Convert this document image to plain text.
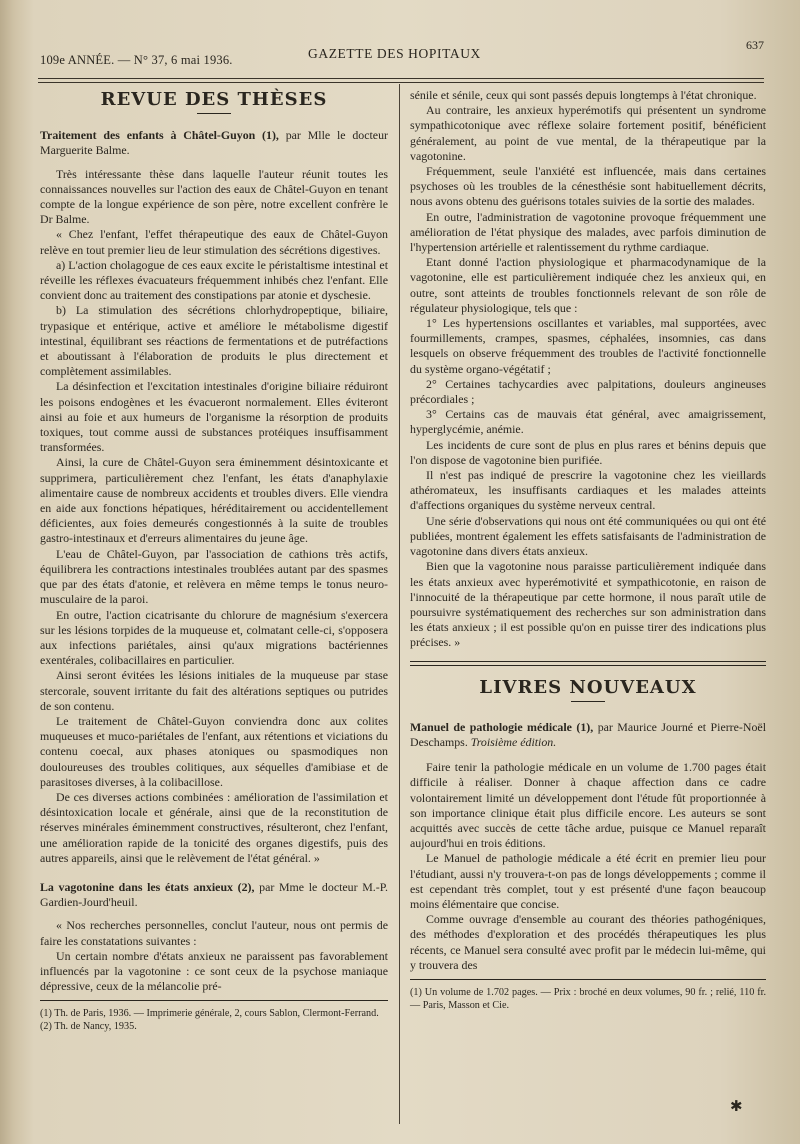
109e ANNÉE. — N° 37, 6 mai 1936.	GAZETTE DES HOPITAUX
637
REVUE DES THÈSES

Traitement des enfants à Châtel-Guyon (1), par Mlle le docteur Marguerite Balme.

Très intéressante thèse dans laquelle l'auteur réunit toutes les connaissances nouvelles sur l'action des eaux de Châtel-Guyon en tenant compte de la longue expérience de son père, notre excellent confrère le Dr Balme.

« Chez l'enfant, l'effet thérapeutique des eaux de Châtel-Guyon relève en tout premier lieu de leur stimulation des sécrétions digestives.

a) L'action cholagogue de ces eaux excite le péristaltisme intestinal et réveille les réflexes évacuateurs fréquemment inhibés chez l'enfant. Elle convient donc au traitement des constipations par atonie et dyschesie.

b) La stimulation des sécrétions chlorhydropeptique, biliaire, trypasique et entérique, active et améliore le métabolisme digestif intestinal, équilibrant ses réactions de fermentations et de putréfactions et aboutissant à l'élaboration de produits le plus directement et complètement assimilables.

La désinfection et l'excitation intestinales d'origine biliaire réduiront les poisons endogènes et les évacueront normalement. Elles éviteront ainsi au foie et aux humeurs de l'organisme la résorption de produits toxiques, tout comme aussi de substances protéiques insuffisamment transformées.

Ainsi, la cure de Châtel-Guyon sera éminemment désintoxicante et supprimera, particulièrement chez l'enfant, les états d'anaphylaxie alimentaire cause de nombreux accidents et troubles divers. Elle viendra en aide aux fonctions hépatiques, héréditairement ou accidentellement déficientes, aux foies demeurés congestionnés à la suite de troubles gastro-intestinaux et d'erreurs alimentaires du jeune âge.

L'eau de Châtel-Guyon, par l'association de cathions très actifs, équilibrera les contractions intestinales troublées autant par des spasmes que par des états d'atonie, et relèvera en même temps le tonus neuro-musculaire de la paroi.

En outre, l'action cicatrisante du chlorure de magnésium s'exercera sur les lésions torpides de la muqueuse et, colmatant celle-ci, s'opposera aux infections pariétales, ainsi qu'aux migrations bactériennes exentérales, colibacillaires en particulier.

Ainsi seront évitées les lésions initiales de la muqueuse par stase stercorale, souvent irritante du fait des altérations septiques ou putrides de son contenu.

Le traitement de Châtel-Guyon conviendra donc aux colites muqueuses et muco-pariétales de l'enfant, aux rétentions et viciations du contenu coecal, aux phases atoniques ou spasmodiques non douloureuses des troubles colitiques, aux séquelles d'amibiase et de parasitoses diverses, à la colibacillose.

De ces diverses actions combinées : amélioration de l'assimilation et désintoxication locale et générale, ainsi que de la reconstitution de réserves minérales éminemment constructives, résulteront, chez l'enfant, une amélioration rapide de la tonicité des organes digestifs, puis des autres appareils, ainsi que le relèvement de l'état général. »

La vagotonine dans les états anxieux (2), par Mme le docteur M.-P. Gardien-Jourd'heuil.

« Nos recherches personnelles, conclut l'auteur, nous ont permis de faire les constatations suivantes :

Un certain nombre d'états anxieux ne paraissent pas favorablement influencés par la vagotonine : ce sont ceux de la psychose maniaque dépressive, ceux de la mélancolie pré-

(1) Th. de Paris, 1936. — Imprimerie générale, 2, cours Sablon, Clermont-Ferrand.

(2) Th. de Nancy, 1935.

sénile et sénile, ceux qui sont passés depuis longtemps à l'état chronique.

Au contraire, les anxieux hyperémotifs qui présentent un syndrome sympathicotonique avec réflexe solaire fortement positif, bénéficient généralement, au point de vue mental, de la thérapeutique par la vagotonine.

Fréquemment, seule l'anxiété est influencée, mais dans certaines psychoses où les troubles de la cénesthésie sont habituellement décrits, nous avons obtenu des guérisons totales suivies de la sortie des malades.

En outre, l'administration de vagotonine provoque fréquemment une amélioration de l'état physique des malades, avec parfois diminution de l'hypertension artérielle et ralentissement du rythme cardiaque.

Etant donné l'action physiologique et pharmacodynamique de la vagotonine, elle est particulièrement indiquée chez les anxieux qui, en outre, sont atteints de troubles fonctionnels relevant de son rôle de régulateur physiologique, tels que :

1° Les hypertensions oscillantes et variables, mal supportées, avec fourmillements, crampes, spasmes, céphalées, insomnies, cas dans lesquels on observe fréquemment des troubles de l'activité fonctionnelle du système organo-végétatif ;

2° Certaines tachycardies avec palpitations, douleurs angineuses précordiales ;

3° Certains cas de mauvais état général, avec amaigrissement, hyperglycémie, anémie.

Les incidents de cure sont de plus en plus rares et bénins depuis que l'on dispose de vagotonine bien purifiée.

Il n'est pas indiqué de prescrire la vagotonine chez les vieillards athéromateux, les insuffisants cardiaques et les malades atteints d'affections organiques du système nerveux central.

Une série d'observations qui nous ont été communiquées ou qui ont été publiées, montrent également les effets satisfaisants de l'administration de vagotonine dans divers états anxieux.

Bien que la vagotonine nous paraisse particulièrement indiquée dans les états anxieux avec hyperémotivité et sympathicotonie, en raison de l'innocuité de la thérapeutique par cette hormone, il nous paraît utile de poursuivre systématiquement des recherches sur son administration dans les états anxieux ; il est possible qu'on en puisse tirer des indications plus précises. »

LIVRES NOUVEAUX

Manuel de pathologie médicale (1), par Maurice Journé et Pierre-Noël Deschamps. Troisième édition.

Faire tenir la pathologie médicale en un volume de 1.700 pages était difficile à réaliser. Donner à chaque affection dans ce cadre volontairement limité un développement dont l'étude fût proportionnée à son importance clinique était plus difficile encore. Les auteurs se sont acquittés avec succès de cette tâche ardue, puisque ce Manuel reparaît aujourd'hui en trois éditions.

Le Manuel de pathologie médicale a été écrit en premier lieu pour l'étudiant, aussi n'y trouvera-t-on pas de longs développements ; comme il est cependant très complet, tout y est présenté d'une façon beaucoup moins élémentaire que concise.

Comme ouvrage d'ensemble au courant des théories pathogéniques, des méthodes d'exploration et des procédés thérapeutiques les plus récents, ce Manuel sera consulté avec profit par le médecin lui-même, qui y trouvera des

(1) Un volume de 1.702 pages. — Prix : broché en deux volumes, 90 fr. ; relié, 110 fr. — Paris, Masson et Cie.

✱
